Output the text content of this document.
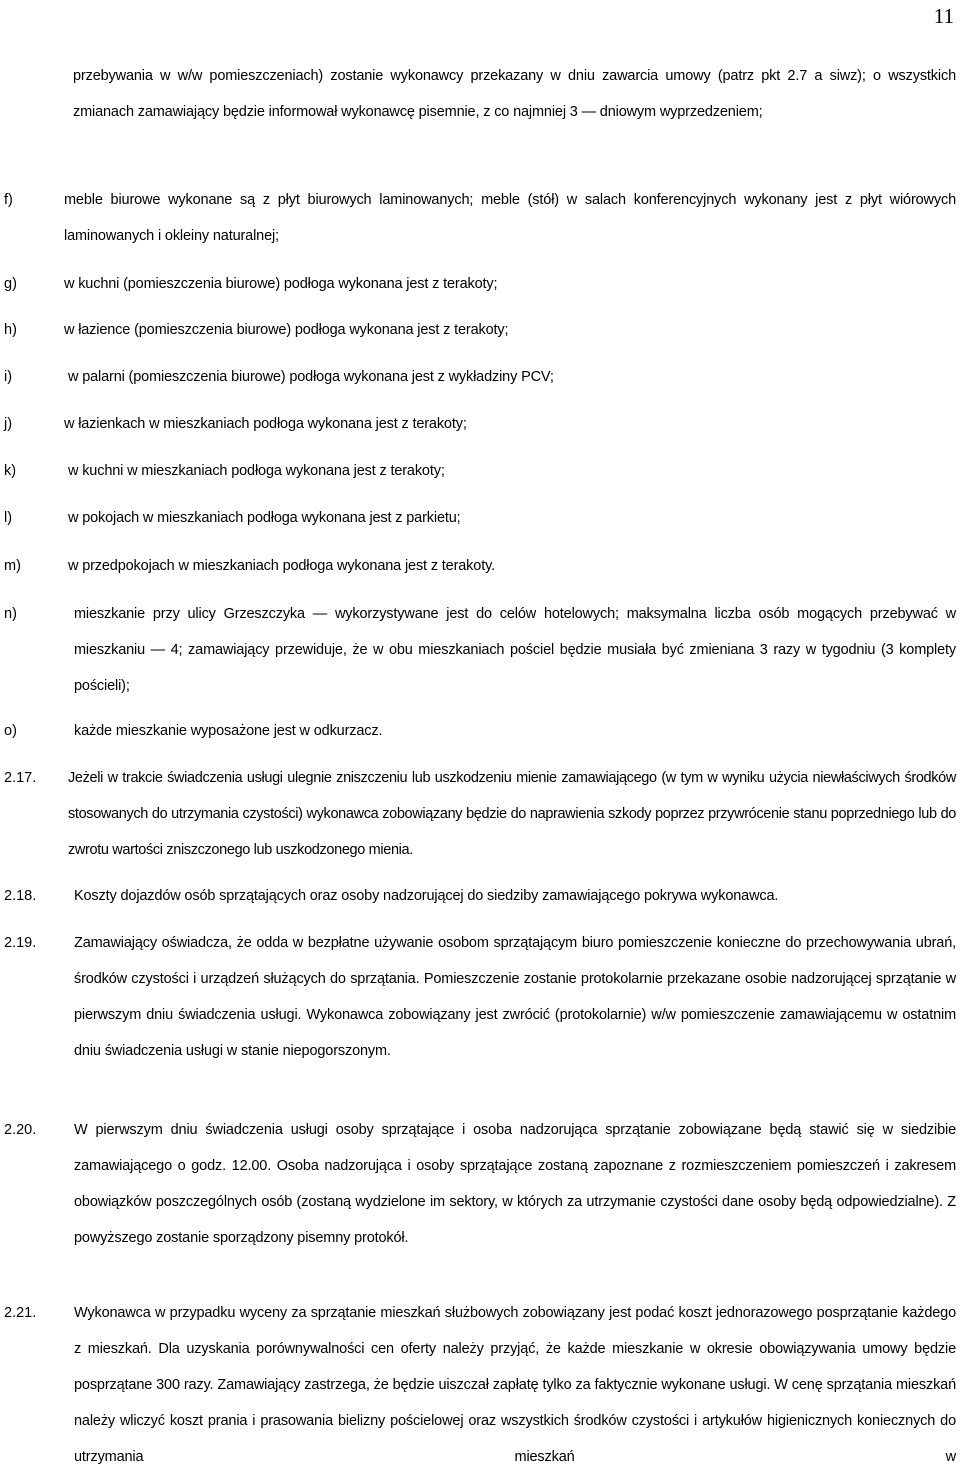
11

przebywania w w/w pomieszczeniach) zostanie wykonawcy przekazany w dniu zawarcia umowy (patrz pkt 2.7 a siwz); o wszystkich zmianach zamawiający będzie informował wykonawcę pisemnie, z co najmniej 3 — dniowym wyprzedzeniem;

f)	meble biurowe wykonane są z płyt biurowych laminowanych; meble (stół) w salach konferencyjnych wykonany jest z płyt wiórowych laminowanych i okleiny naturalnej;

g)	w kuchni (pomieszczenia biurowe) podłoga wykonana jest z terakoty;

h)	w łazience (pomieszczenia biurowe) podłoga wykonana jest z terakoty;

i)	w palarni (pomieszczenia biurowe) podłoga wykonana jest z wykładziny PCV;

j)	w łazienkach w mieszkaniach podłoga wykonana jest z terakoty;

k)	w kuchni w mieszkaniach podłoga wykonana jest z terakoty;

l)	w pokojach w mieszkaniach podłoga wykonana jest z parkietu;

m)	w przedpokojach w mieszkaniach podłoga wykonana jest z terakoty.

n)	mieszkanie przy ulicy Grzeszczyka — wykorzystywane jest do celów hotelowych; maksymalna liczba osób mogących przebywać w mieszkaniu — 4; zamawiający przewiduje, że w obu mieszkaniach pościel będzie musiała być zmieniana 3 razy w tygodniu (3 komplety pościeli);

o)	każde mieszkanie wyposażone jest w odkurzacz.

2.17. Jeżeli w trakcie świadczenia usługi ulegnie zniszczeniu lub uszkodzeniu mienie zamawiającego (w tym w wyniku użycia niewłaściwych środków stosowanych do utrzymania czystości) wykonawca zobowiązany będzie do naprawienia szkody poprzez przywrócenie stanu poprzedniego lub do zwrotu wartości zniszczonego lub uszkodzonego mienia.

2.18.	Koszty dojazdów osób sprzątających oraz osoby nadzorującej do siedziby zamawiającego pokrywa wykonawca.

2.19.	Zamawiający oświadcza, że odda w bezpłatne używanie osobom sprzątającym biuro pomieszczenie konieczne do przechowywania ubrań, środków czystości i urządzeń służących do sprzątania. Pomieszczenie zostanie protokolarnie przekazane osobie nadzorującej sprzątanie w pierwszym dniu świadczenia usługi. Wykonawca zobowiązany jest zwrócić (protokolarnie) w/w pomieszczenie zamawiającemu w ostatnim dniu świadczenia usługi w stanie niepogorszonym.

2.20.	W pierwszym dniu świadczenia usługi osoby sprzątające i osoba nadzorująca sprzątanie zobowiązane będą stawić się w siedzibie zamawiającego o godz. 12.00. Osoba nadzorująca i osoby sprzątające zostaną zapoznane z rozmieszczeniem pomieszczeń i zakresem obowiązków poszczególnych osób (zostaną wydzielone im sektory, w których za utrzymanie czystości dane osoby będą odpowiedzialne). Z powyższego zostanie sporządzony pisemny protokół.

2.21.	Wykonawca w przypadku wyceny za sprzątanie mieszkań służbowych zobowiązany jest podać koszt jednorazowego posprzątanie każdego z mieszkań. Dla uzyskania porównywalności cen oferty należy przyjąć, że każde mieszkanie w okresie obowiązywania umowy będzie posprzątane 300 razy. Zamawiający zastrzega, że będzie uiszczał zapłatę tylko za faktycznie wykonane usługi. W cenę sprzątania mieszkań należy wliczyć koszt prania i prasowania bielizny pościelowej oraz wszystkich środków czystości i artykułów higienicznych koniecznych do utrzymania mieszkań w
